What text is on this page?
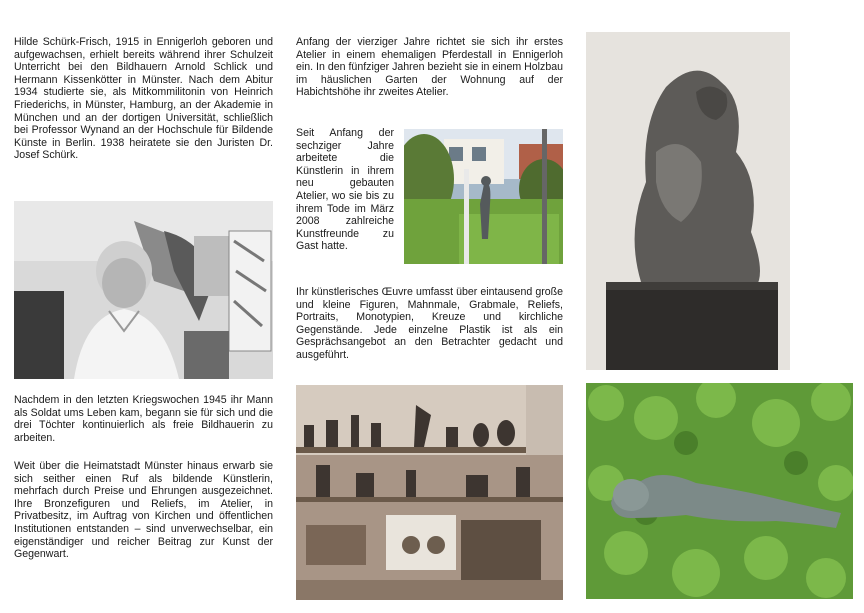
Hilde Schürk-Frisch, 1915 in Ennigerloh geboren und aufgewachsen, erhielt bereits während ihrer Schulzeit Unterricht bei den Bildhauern Arnold Schlick und Hermann Kissenkötter in Münster. Nach dem Abitur 1934 studierte sie, als Mitkommilitonin von Heinrich Friederichs, in Münster, Hamburg, an der Akademie in München und an der dortigen Universität, schließlich bei Professor Wynand an der Hochschule für Bildende Künste in Berlin. 1938 heiratete sie den Juristen Dr. Josef Schürk.

Nachdem in den letzten Kriegswochen 1945 ihr Mann als Soldat ums Leben kam, begann sie für sich und die drei Töchter kontinuierlich als freie Bildhauerin zu arbeiten.

Weit über die Heimatstadt Münster hinaus erwarb sie sich seither einen Ruf als bildende Künstlerin, mehrfach durch Preise und Ehrungen ausgezeichnet. Ihre Bronzefiguren und Reliefs, im Atelier, in Privatbesitz, im Auftrag von Kirchen und öffentlichen Institutionen entstanden – sind unverwechselbar, ein eigenständiger und reicher Beitrag zur Kunst der Gegenwart.

Anfang der vierziger Jahre richtet sie sich ihr erstes Atelier in einem ehemaligen Pferdestall in Ennigerloh ein. In den fünfziger Jahren bezieht sie in einem Holzbau im häuslichen Garten der Wohnung auf der Habichtshöhe ihr zweites Atelier.

Seit Anfang der sechziger Jahre arbeitete die Künstlerin in ihrem neu gebauten Atelier, wo sie bis zu ihrem Tode im März 2008 zahlreiche Kunstfreunde zu Gast hatte.

Ihr künstlerisches Œuvre umfasst über eintausend große und kleine Figuren, Mahnmale, Grabmale, Reliefs, Portraits, Monotypien, Kreuze und kirchliche Gegenstände. Jede einzelne Plastik ist als ein Gesprächsangebot an den Betrachter gedacht und ausgeführt.
